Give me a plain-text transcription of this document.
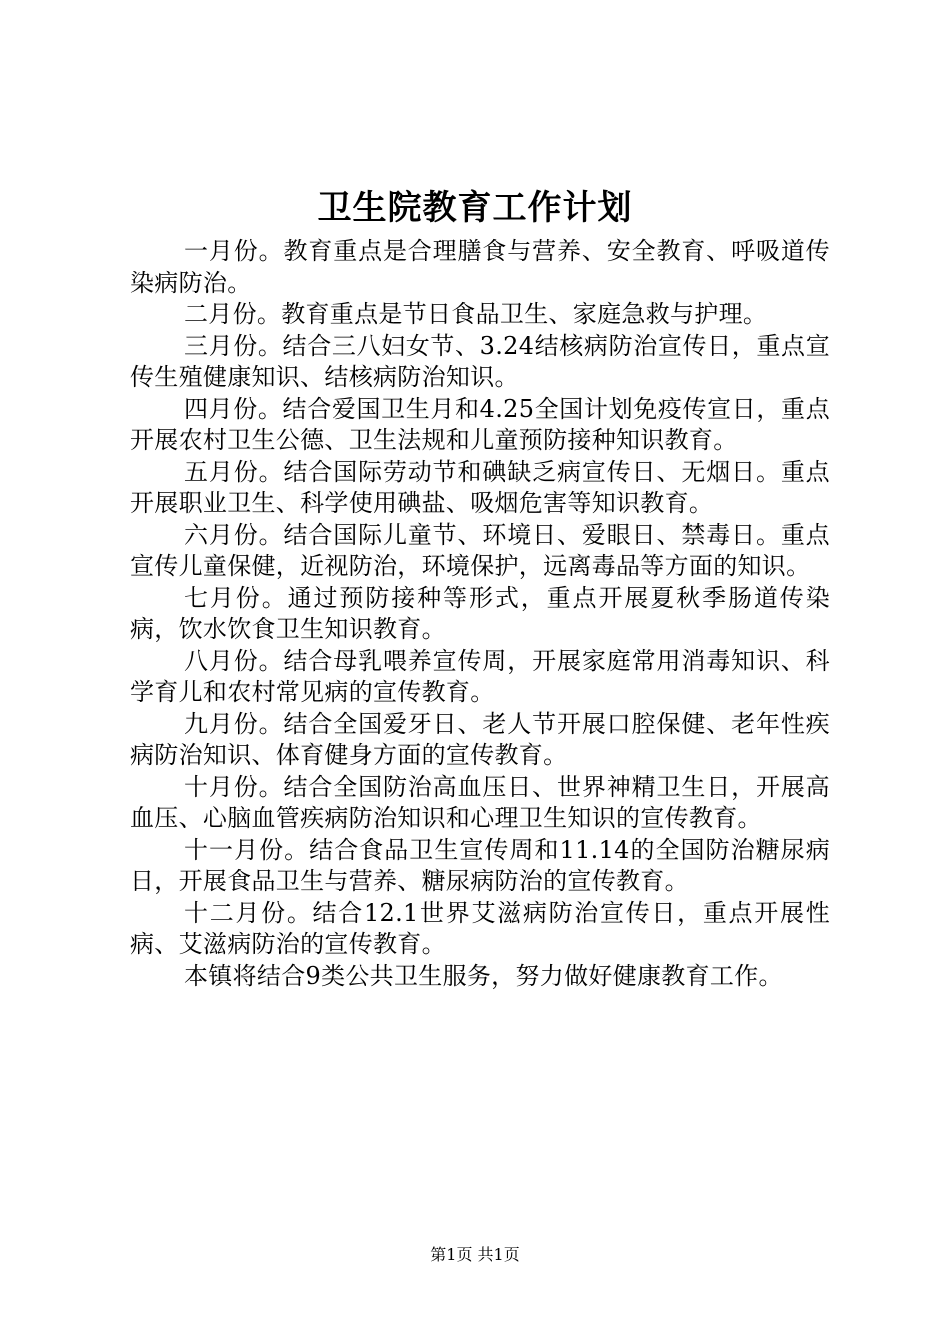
卫生院教育工作计划

一月份。教育重点是合理膳食与营养、安全教育、呼吸道传染病防治。

二月份。教育重点是节日食品卫生、家庭急救与护理。

三月份。结合三八妇女节、3.24结核病防治宣传日，重点宣传生殖健康知识、结核病防治知识。

四月份。结合爱国卫生月和4.25全国计划免疫传宣日，重点开展农村卫生公德、卫生法规和儿童预防接种知识教育。

五月份。结合国际劳动节和碘缺乏病宣传日、无烟日。重点开展职业卫生、科学使用碘盐、吸烟危害等知识教育。

六月份。结合国际儿童节、环境日、爱眼日、禁毒日。重点宣传儿童保健，近视防治，环境保护，远离毒品等方面的知识。

七月份。通过预防接种等形式，重点开展夏秋季肠道传染病，饮水饮食卫生知识教育。

八月份。结合母乳喂养宣传周，开展家庭常用消毒知识、科学育儿和农村常见病的宣传教育。

九月份。结合全国爱牙日、老人节开展口腔保健、老年性疾病防治知识、体育健身方面的宣传教育。

十月份。结合全国防治高血压日、世界神精卫生日，开展高血压、心脑血管疾病防治知识和心理卫生知识的宣传教育。

十一月份。结合食品卫生宣传周和11.14的全国防治糖尿病日，开展食品卫生与营养、糖尿病防治的宣传教育。

十二月份。结合12.1世界艾滋病防治宣传日，重点开展性病、艾滋病防治的宣传教育。

本镇将结合9类公共卫生服务，努力做好健康教育工作。

第1页 共1页
